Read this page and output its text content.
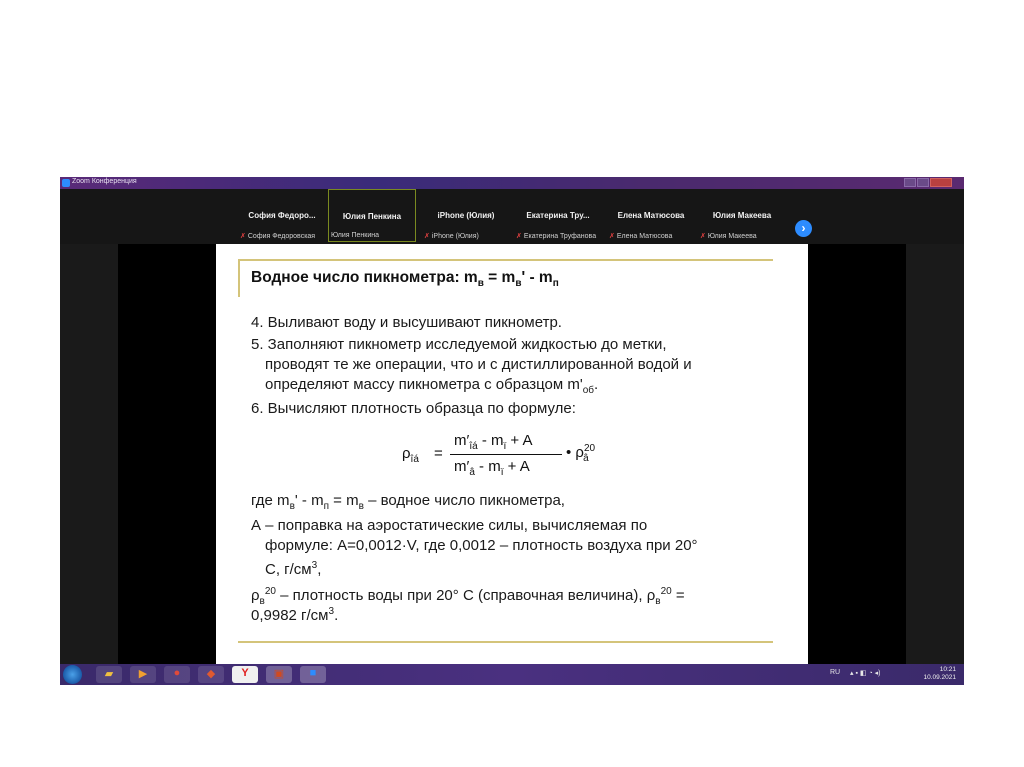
Zoom Конференция
София Федоро...
✗ София Федоровская
Юлия Пенкина
Юлия Пенкина
iPhone (Юлия)
✗ iPhone (Юлия)
Екатерина Тру...
✗ Екатерина Труфанова
Елена Матюсова
✗ Елена Матюсова
Юлия Макеева
✗ Юлия Макеева
›
Водное число пикнометра: $m_в = m_в' - m_п$
4. Выливают воду и высушивают пикнометр.
5. Заполняют пикнометр исследуемой жидкостью до метки,
проводят те же операции, что и с дистиллированной водой и
определяют массу пикнометра с образцом $m'_{об}$.
6. Вычисляют плотность образца по формуле:
$\rho_{îá}$ =
$m'_{îá} - m_ï + A$
$m'_â - m_ï + A$
• $\rho^{20}_â$
где $m_в' - m_п = m_в$ – водное число пикнометра,
А – поправка на аэростатические силы, вычисляемая по
формуле: А=0,0012·V, где 0,0012 – плотность воздуха при 20°
С, $г/см^3$,
$\rho_в^{20}$ – плотность воды при 20° С (справочная величина), $\rho_в^{20}$ =
0,9982 $г/см^3$.
▰	▶	●	◆	Y	▣	■	RU ▴ ▪ ◧ ◔ ◂)
10:21
10.09.2021
